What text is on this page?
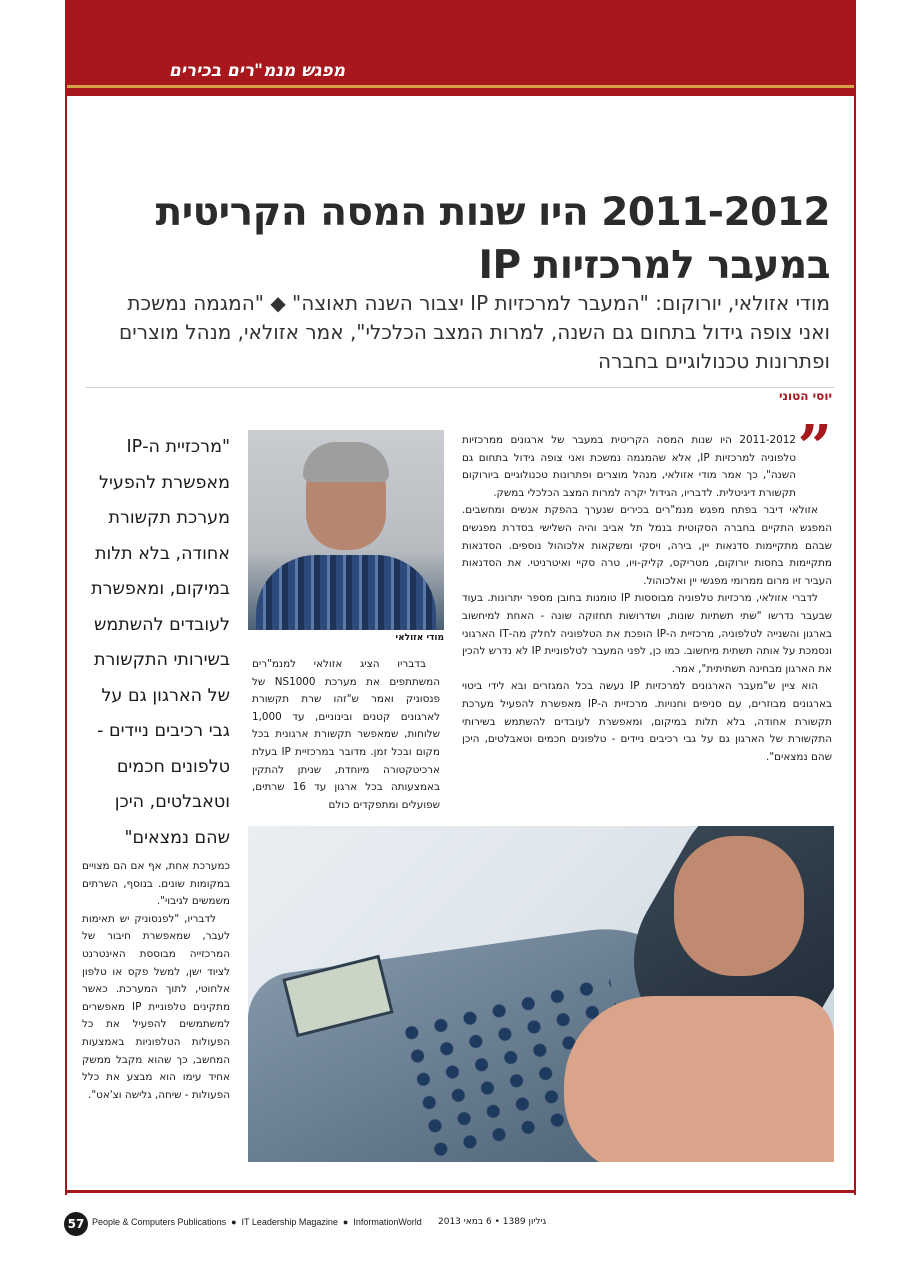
מפגש מנמ"רים בכירים
2011-2012 היו שנות המסה הקריטית במעבר למרכזיות IP
מודי אזולאי, יורוקום: "המעבר למרכזיות IP יצבור השנה תאוצה" ◆ "המגמה נמשכת ואני צופה גידול בתחום גם השנה, למרות המצב הכלכלי", אמר אזולאי, מנהל מוצרים ופתרונות טכנולוגיים בחברה
יוסי הטוני
”

2011-2012 היו שנות המסה הקריטית במעבר של ארגונים ממרכזיות טלפוניה למרכזיות IP, אלא שהמגמה נמשכת ואני צופה גידול בתחום גם השנה", כך אמר מודי אזולאי, מנהל מוצרים ופתרונות טכנולוגיים ביורוקום תקשורת דיגיטלית. לדבריו, הגידול יקרה למרות המצב הכלכלי במשק.

אזולאי דיבר בפתח מפגש מנמ"רים בכירים שנערך בהפקת אנשים ומחשבים. המפגש התקיים בחברה הסקוטית בנמל תל אביב והיה השלישי בסדרת מפגשים שבהם מתקיימות סדנאות יין, בירה, ויסקי ומשקאות אלכוהול נוספים. הסדנאות מתקיימות בחסות יורוקום, מטריקס, קליק-ויו, טרה סקיי ואיטרניטי. את הסדנאות העביר זיו מרום ממרומי מפגשי יין ואלכוהול.

לדברי אזולאי, מרכזיות טלפוניה מבוססות IP טומנות בחובן מספר יתרונות. בעוד שבעבר נדרשו "שתי תשתיות שונות, ושדרושות תחזוקה שונה - האחת למיחשוב בארגון והשנייה לטלפוניה, מרכזיית ה-IP הופכת את הטלפוניה לחלק מה-IT הארגוני ונסמכת על אותה תשתית מיחשוב. כמו כן, לפני המעבר לטלפוניית IP לא נדרש להכין את הארגון מבחינה תשתיתית", אמר.

הוא ציין ש"מעבר הארגונים למרכזיות IP נעשה בכל המגזרים ובא לידי ביטוי בארגונים מבוזרים, עם סניפים וחנויות. מרכזיית ה-IP מאפשרת להפעיל מערכת תקשורת אחודה, בלא תלות במיקום, ומאפשרת לעובדים להשתמש בשירותי התקשורת של הארגון גם על גבי רכיבים ניידים - טלפונים חכמים וטאבלטים, היכן שהם נמצאים".

מודי אזולאי

בדבריו הציג אזולאי למנמ"רים המשתתפים את מערכת NS1000 של פנסוניק ואמר ש"זהו שרת תקשורת לארגונים קטנים ובינוניים, עד 1,000 שלוחות, שמאפשר תקשורת ארגונית בכל מקום ובכל זמן. מדובר במרכזיית IP בעלת ארכיטקטורה מיוחדת, שניתן להתקין באמצעותה בכל ארגון עד 16 שרתים, שפועלים ומתפקדים כולם

"מרכזיית ה-IP מאפשרת להפעיל מערכת תקשורת אחודה, בלא תלות במיקום, ומאפשרת לעובדים להשתמש בשירותי התקשורת של הארגון גם על גבי רכיבים ניידים - טלפונים חכמים וטאבלטים, היכן שהם נמצאים"

כמערכת אחת, אף אם הם מצויים במקומות שונים. בנוסף, השרתים משמשים לגיבוי".

לדבריו, "לפנסוניק יש תאימות לעבר, שמאפשרת חיבור של המרכזייה מבוססת האינטרנט לציוד ישן, למשל פקס או טלפון אלחוטי, לתוך המערכת. כאשר מתקינים טלפוניית IP מאפשרים למשתמשים להפעיל את כל הפעולות הטלפוניות באמצעות המחשב, כך שהוא מקבל ממשק אחיד עימו הוא מבצע את כלל הפעולות - שיחה, גלישה וצ'אט".

57 People & Computers Publications ● IT Leadership Magazine ● InformationWorld גיליון 1389 • 6 במאי 2013
